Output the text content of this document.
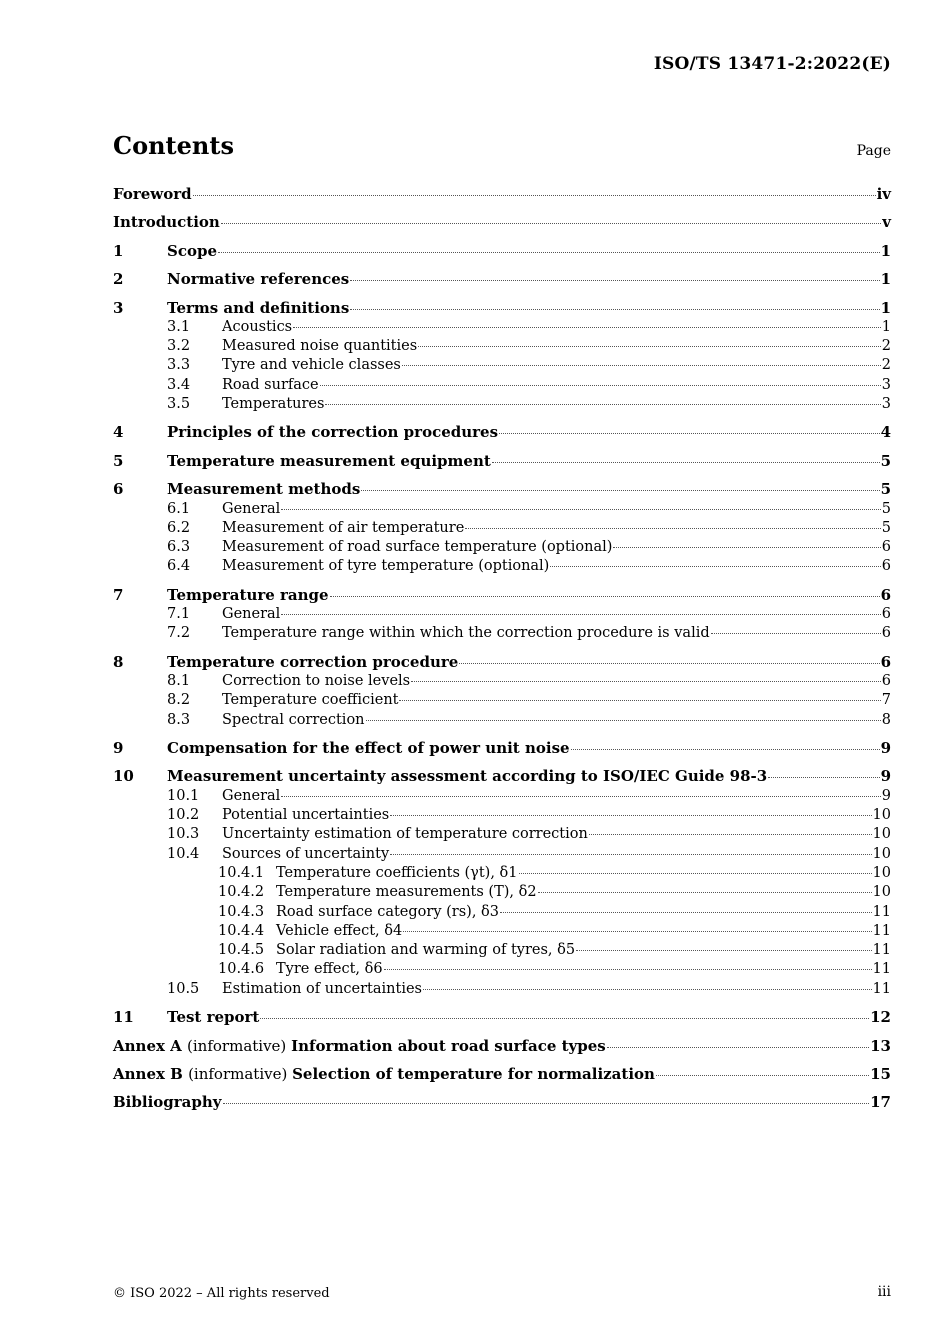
ISO/TS 13471-2:2022(E)
Contents	Page
Foreword	iv
Introduction	v
1	Scope	1
2	Normative references	1
3	Terms and definitions	1
3.1	Acoustics	1
3.2	Measured noise quantities	2
3.3	Tyre and vehicle classes	2
3.4	Road surface	3
3.5	Temperatures	3
4	Principles of the correction procedures	4
5	Temperature measurement equipment	5
6	Measurement methods	5
6.1	General	5
6.2	Measurement of air temperature	5
6.3	Measurement of road surface temperature (optional)	6
6.4	Measurement of tyre temperature (optional)	6
7	Temperature range	6
7.1	General	6
7.2	Temperature range within which the correction procedure is valid	6
8	Temperature correction procedure	6
8.1	Correction to noise levels	6
8.2	Temperature coefficient	7
8.3	Spectral correction	8
9	Compensation for the effect of power unit noise	9
10	Measurement uncertainty assessment according to ISO/IEC Guide 98-3	9
10.1	General	9
10.2	Potential uncertainties	10
10.3	Uncertainty estimation of temperature correction	10
10.4	Sources of uncertainty	10
10.4.1 Temperature coefficients (γt), δ1	10
10.4.2 Temperature measurements (T), δ2	10
10.4.3 Road surface category (rs), δ3	11
10.4.4 Vehicle effect, δ4	11
10.4.5 Solar radiation and warming of tyres, δ5	11
10.4.6 Tyre effect, δ6	11
10.5	Estimation of uncertainties	11
11	Test report	12
Annex A (informative) Information about road surface types	13
Annex B (informative) Selection of temperature for normalization	15
Bibliography	17
© ISO 2022 – All rights reserved	iii
